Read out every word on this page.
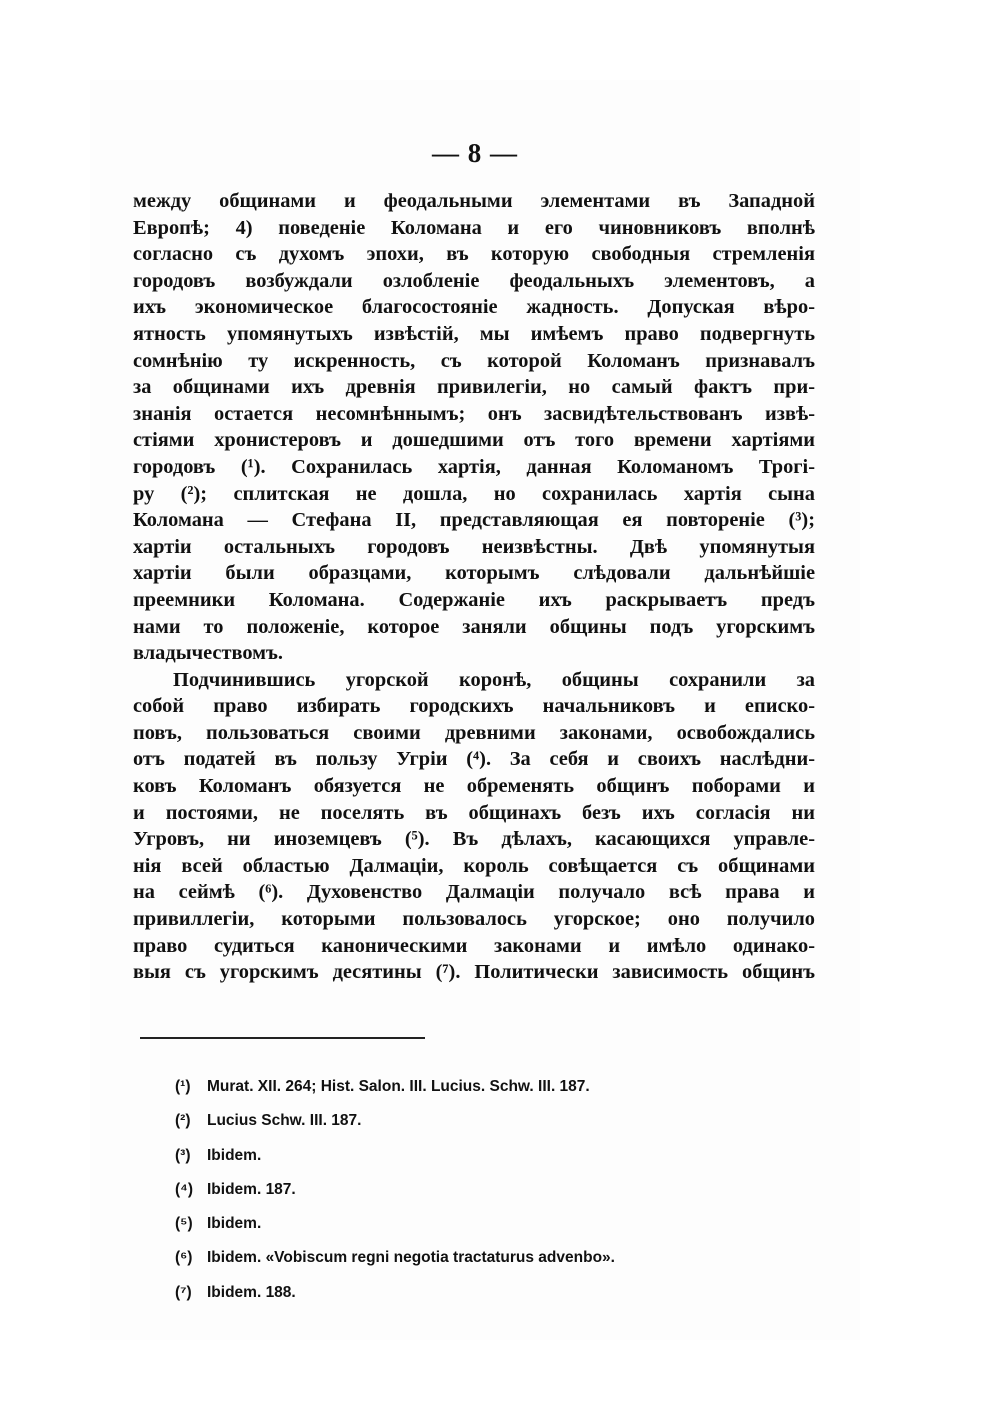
— 8 —
между общинами и феодальными элементами въ Западной
Европѣ; 4) поведеніе Коломана и его чиновниковъ вполнѣ
согласно съ духомъ эпохи, въ которую свободныя стремленія
городовъ возбуждали озлобленіе феодальныхъ элементовъ, а
ихъ экономическое благосостояніе жадность. Допуская вѣро-
ятность упомянутыхъ извѣстій, мы имѣемъ право подвергнуть
сомнѣнію ту искренность, съ которой Коломанъ признавалъ
за общинами ихъ древнія привилегіи, но самый фактъ при-
знанія остается несомнѣннымъ; онъ засвидѣтельствованъ извѣ-
стіями хронистеровъ и дошедшими отъ того времени хартіями
городовъ (¹). Сохранилась хартія, данная Коломаномъ Трогі-
ру (²); сплитская не дошла, но сохранилась хартія сына
Коломана — Стефана II, представляющая ея повтореніе (³);
хартіи остальныхъ городовъ неизвѣстны. Двѣ упомянутыя
хартіи были образцами, которымъ слѣдовали дальнѣйшіе
преемники Коломана. Содержаніе ихъ раскрываетъ предъ
нами то положеніе, которое заняли общины подъ угорскимъ
владычествомъ.
Подчинившись угорской коронѣ, общины сохранили за
собой право избирать городскихъ начальниковъ и еписко-
повъ, пользоваться своими древними законами, освобождались
отъ податей въ пользу Угріи (⁴). За себя и своихъ наслѣдни-
ковъ Коломанъ обязуется не обременять общинъ поборами и
и постоями, не поселять въ общинахъ безъ ихъ согласія ни
Угровъ, ни иноземцевъ (⁵). Въ дѣлахъ, касающихся управле-
нія всей областью Далмаціи, король совѣщается съ общинами
на сеймѣ (⁶). Духовенство Далмаціи получало всѣ права и
привиллегіи, которыми пользовалось угорское; оно получило
право судиться каноническими законами и имѣло одинако-
выя съ угорскимъ десятины (⁷). Политически зависимость общинъ
(¹) Murat. XII. 264; Hist. Salon. III. Lucius. Schw. III. 187.
(²) Lucius Schw. III. 187.
(³) Ibidem.
(⁴) Ibidem. 187.
(⁵) Ibidem.
(⁶) Ibidem. «Vobiscum regni negotia tractaturus advenbo».
(⁷) Ibidem. 188.
